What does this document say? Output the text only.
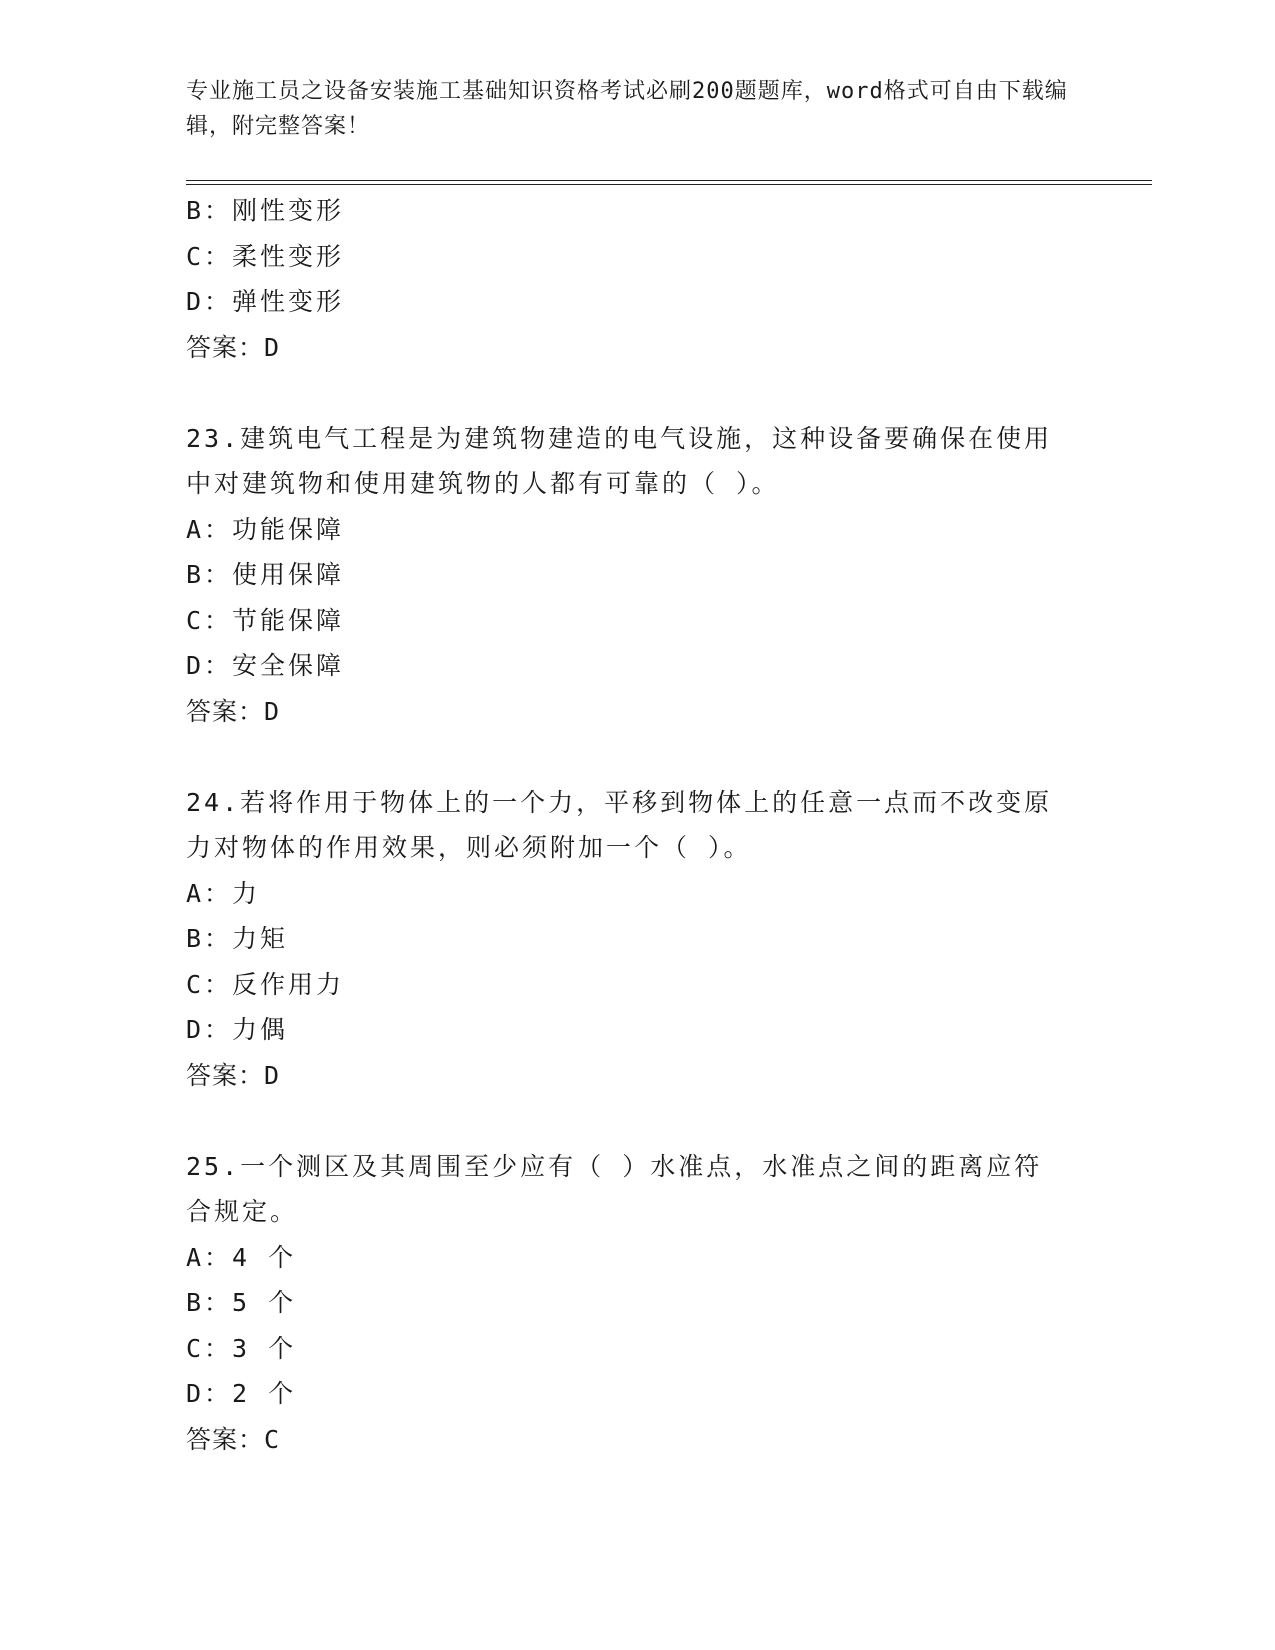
专业施工员之设备安装施工基础知识资格考试必刷200题题库，word格式可自由下载编辑，附完整答案！
B：刚性变形
C：柔性变形
D：弹性变形
答案：D
23.建筑电气工程是为建筑物建造的电气设施，这种设备要确保在使用中对建筑物和使用建筑物的人都有可靠的（ ）。
A：功能保障
B：使用保障
C：节能保障
D：安全保障
答案：D
24.若将作用于物体上的一个力，平移到物体上的任意一点而不改变原力对物体的作用效果，则必须附加一个（ ）。
A：力
B：力矩
C：反作用力
D：力偶
答案：D
25.一个测区及其周围至少应有（ ）水准点，水准点之间的距离应符合规定。
A：4 个
B：5 个
C：3 个
D：2 个
答案：C
